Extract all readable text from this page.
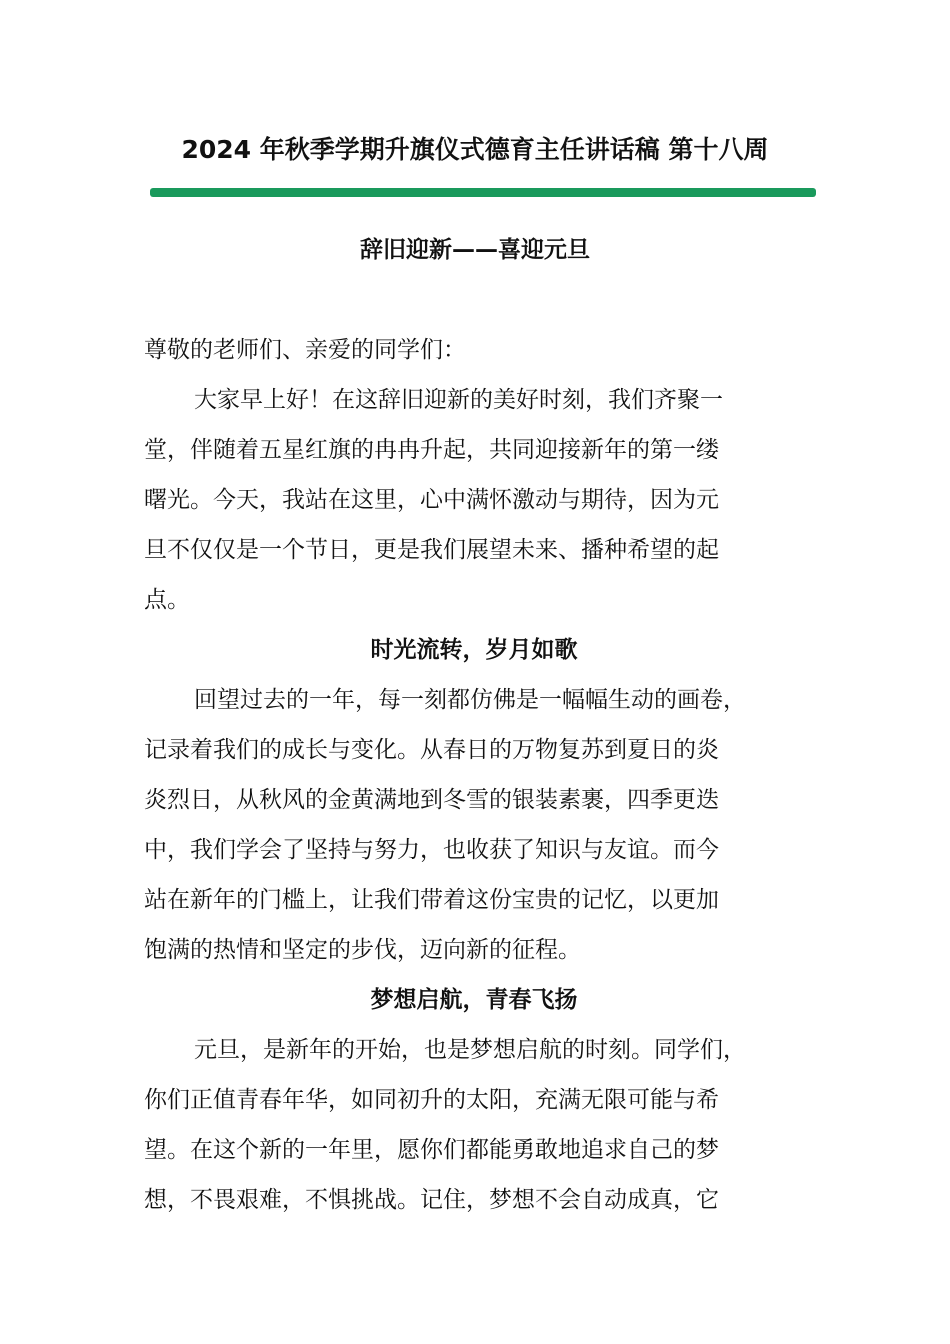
2024 年秋季学期升旗仪式德育主任讲话稿 第十八周
辞旧迎新——喜迎元旦

尊敬的老师们、亲爱的同学们：

大家早上好！在这辞旧迎新的美好时刻，我们齐聚一

堂，伴随着五星红旗的冉冉升起，共同迎接新年的第一缕

曙光。今天，我站在这里，心中满怀激动与期待，因为元

旦不仅仅是一个节日，更是我们展望未来、播种希望的起

点。

时光流转，岁月如歌

回望过去的一年，每一刻都仿佛是一幅幅生动的画卷，

记录着我们的成长与变化。从春日的万物复苏到夏日的炎

炎烈日，从秋风的金黄满地到冬雪的银装素裹，四季更迭

中，我们学会了坚持与努力，也收获了知识与友谊。而今

站在新年的门槛上，让我们带着这份宝贵的记忆，以更加

饱满的热情和坚定的步伐，迈向新的征程。

梦想启航，青春飞扬

元旦，是新年的开始，也是梦想启航的时刻。同学们，

你们正值青春年华，如同初升的太阳，充满无限可能与希

望。在这个新的一年里，愿你们都能勇敢地追求自己的梦

想，不畏艰难，不惧挑战。记住，梦想不会自动成真，它
